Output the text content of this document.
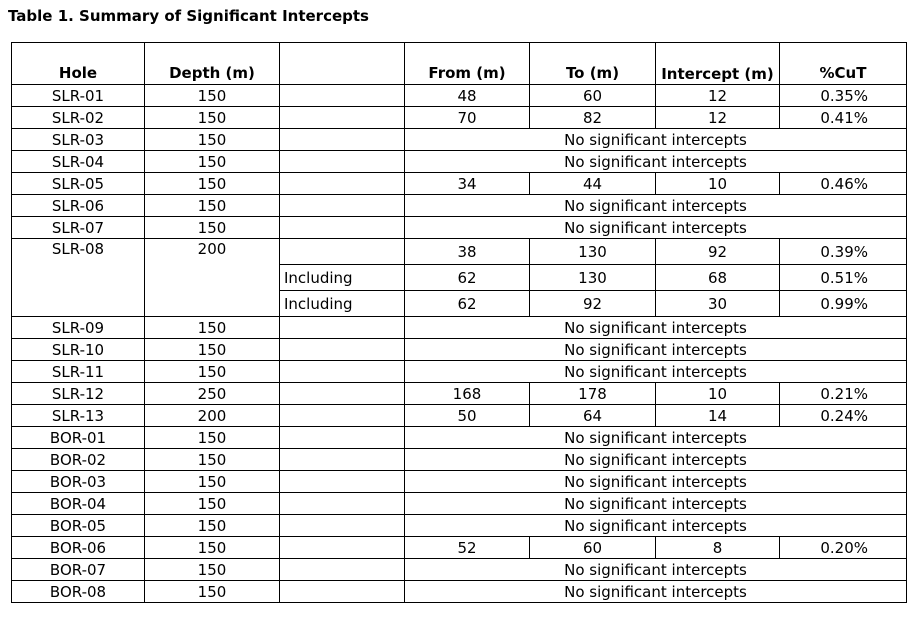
Table 1. Summary of Significant Intercepts
Hole	Depth (m)		From (m)	To (m)	Intercept (m)	%CuT
SLR-01	150		48	60	12	0.35%
SLR-02	150		70	82	12	0.41%
SLR-03	150		No significant intercepts			
SLR-04	150		No significant intercepts			
SLR-05	150		34	44	10	0.46%
SLR-06	150		No significant intercepts			
SLR-07	150		No significant intercepts			
SLR-08	200		38	130	92	0.39%
		Including	62	130	68	0.51%
		Including	62	92	30	0.99%
SLR-09	150		No significant intercepts			
SLR-10	150		No significant intercepts			
SLR-11	150		No significant intercepts			
SLR-12	250		168	178	10	0.21%
SLR-13	200		50	64	14	0.24%
BOR-01	150		No significant intercepts			
BOR-02	150		No significant intercepts			
BOR-03	150		No significant intercepts			
BOR-04	150		No significant intercepts			
BOR-05	150		No significant intercepts			
BOR-06	150		52	60	8	0.20%
BOR-07	150		No significant intercepts			
BOR-08	150		No significant intercepts			
